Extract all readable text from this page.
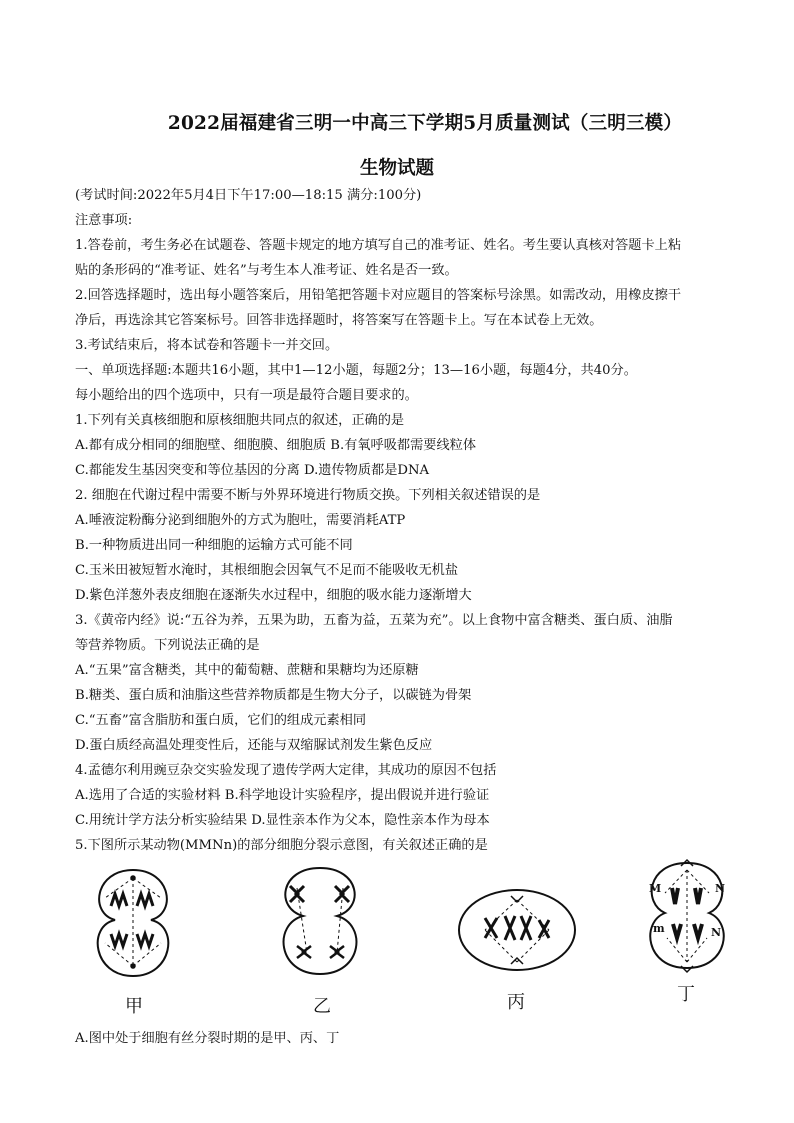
2022届福建省三明一中高三下学期5月质量测试（三明三模）
生物试题
(考试时间:2022年5月4日下午17:00—18:15 满分:100分)
注意事项:
1.答卷前，考生务必在试题卷、答题卡规定的地方填写自己的准考证、姓名。考生要认真核对答题卡上粘
贴的条形码的“准考证、姓名”与考生本人准考证、姓名是否一致。
2.回答选择题时，选出每小题答案后，用铅笔把答题卡对应题目的答案标号涂黑。如需改动，用橡皮擦干
净后，再选涂其它答案标号。回答非选择题时，将答案写在答题卡上。写在本试卷上无效。
3.考试结束后，将本试卷和答题卡一并交回。
一、单项选择题:本题共16小题，其中1—12小题，每题2分；13—16小题，每题4分，共40分。
每小题给出的四个选项中，只有一项是最符合题目要求的。
1.下列有关真核细胞和原核细胞共同点的叙述，正确的是
A.都有成分相同的细胞壁、细胞膜、细胞质 B.有氧呼吸都需要线粒体
C.都能发生基因突变和等位基因的分离 D.遗传物质都是DNA
2. 细胞在代谢过程中需要不断与外界环境进行物质交换。下列相关叙述错误的是
A.唾液淀粉酶分泌到细胞外的方式为胞吐，需要消耗ATP
B.一种物质进出同一种细胞的运输方式可能不同
C.玉米田被短暂水淹时，其根细胞会因氧气不足而不能吸收无机盐
D.紫色洋葱外表皮细胞在逐渐失水过程中，细胞的吸水能力逐渐增大
3.《黄帝内经》说:“五谷为养，五果为助，五畜为益，五菜为充”。以上食物中富含糖类、蛋白质、油脂
等营养物质。下列说法正确的是
A.“五果”富含糖类，其中的葡萄糖、蔗糖和果糖均为还原糖
B.糖类、蛋白质和油脂这些营养物质都是生物大分子，以碳链为骨架
C.“五畜”富含脂肪和蛋白质，它们的组成元素相同
D.蛋白质经高温处理变性后，还能与双缩脲试剂发生紫色反应
4.孟德尔利用豌豆杂交实验发现了遗传学两大定律，其成功的原因不包括
A.选用了合适的实验材料 B.科学地设计实验程序，提出假说并进行验证
C.用统计学方法分析实验结果 D.显性亲本作为父本，隐性亲本作为母本
5.下图所示某动物(MMNn)的部分细胞分裂示意图，有关叙述正确的是
甲	乙	丙	丁
M	N
m	N
A.图中处于细胞有丝分裂时期的是甲、丙、丁
